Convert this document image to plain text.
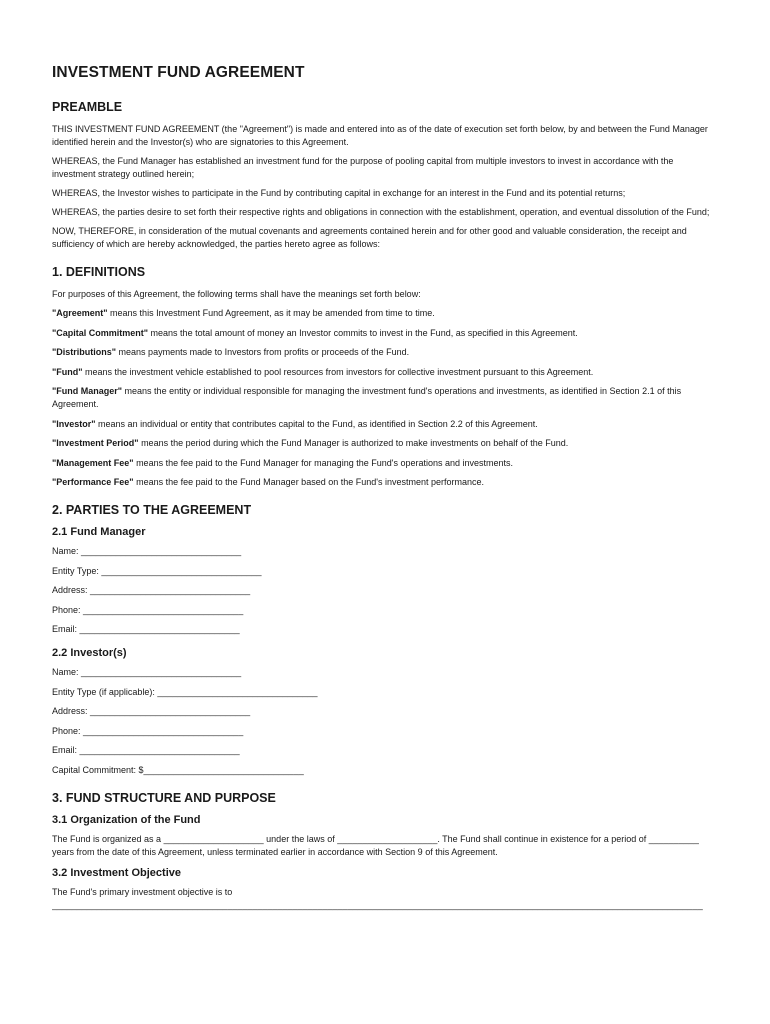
INVESTMENT FUND AGREEMENT
PREAMBLE

THIS INVESTMENT FUND AGREEMENT (the "Agreement") is made and entered into as of the date of execution set forth below, by and between the Fund Manager identified herein and the Investor(s) who are signatories to this Agreement.

WHEREAS, the Fund Manager has established an investment fund for the purpose of pooling capital from multiple investors to invest in accordance with the investment strategy outlined herein;

WHEREAS, the Investor wishes to participate in the Fund by contributing capital in exchange for an interest in the Fund and its potential returns;

WHEREAS, the parties desire to set forth their respective rights and obligations in connection with the establishment, operation, and eventual dissolution of the Fund;

NOW, THEREFORE, in consideration of the mutual covenants and agreements contained herein and for other good and valuable consideration, the receipt and sufficiency of which are hereby acknowledged, the parties hereto agree as follows:

1. DEFINITIONS

For purposes of this Agreement, the following terms shall have the meanings set forth below:

"Agreement" means this Investment Fund Agreement, as it may be amended from time to time.

"Capital Commitment" means the total amount of money an Investor commits to invest in the Fund, as specified in this Agreement.

"Distributions" means payments made to Investors from profits or proceeds of the Fund.

"Fund" means the investment vehicle established to pool resources from investors for collective investment pursuant to this Agreement.

"Fund Manager" means the entity or individual responsible for managing the investment fund's operations and investments, as identified in Section 2.1 of this Agreement.

"Investor" means an individual or entity that contributes capital to the Fund, as identified in Section 2.2 of this Agreement.

"Investment Period" means the period during which the Fund Manager is authorized to make investments on behalf of the Fund.

"Management Fee" means the fee paid to the Fund Manager for managing the Fund's operations and investments.

"Performance Fee" means the fee paid to the Fund Manager based on the Fund's investment performance.

2. PARTIES TO THE AGREEMENT
2.1 Fund Manager
Name: ________________________________
Entity Type: ________________________________
Address: ________________________________
Phone: ________________________________
Email: ________________________________
2.2 Investor(s)
Name: ________________________________
Entity Type (if applicable): ________________________________
Address: ________________________________
Phone: ________________________________
Email: ________________________________
Capital Commitment: $________________________________
3. FUND STRUCTURE AND PURPOSE
3.1 Organization of the Fund

The Fund is organized as a ____________________ under the laws of ____________________. The Fund shall continue in existence for a period of __________ years from the date of this Agreement, unless terminated earlier in accordance with Section 9 of this Agreement.

3.2 Investment Objective

The Fund's primary investment objective is to

__________________________________________________________________________________________________________________________________
